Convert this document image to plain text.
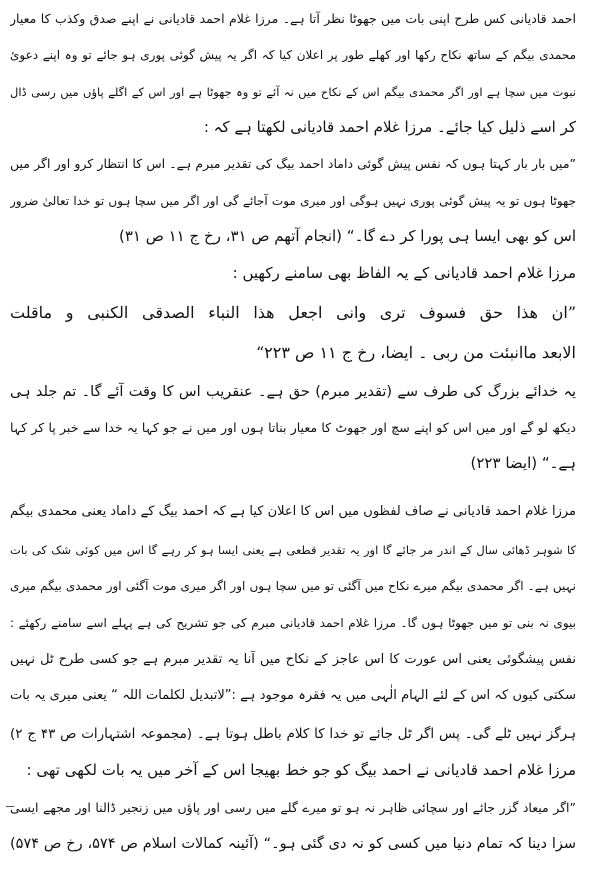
احمد قادیانی کس طرح اپنی بات میں جھوٹا نظر آتا ہے۔ مرزا غلام احمد قادیانی نے اپنے صدق وکذب کا معیار
محمدی بیگم کے ساتھ نکاح رکھا اور کھلے طور پر اعلان کیا کہ اگر یہ پیش گوئی پوری ہو جائے تو وہ اپنے دعوئ
نبوت میں سچا ہے اور اگر محمدی بیگم اس کے نکاح میں نہ آئے تو وہ جھوٹا ہے اور اس کے اگلے پاؤں میں رسی ڈال
کر اسے ذلیل کیا جائے۔ مرزا غلام احمد قادیانی لکھتا ہے کہ :
”میں بار بار کہتا ہوں کہ نفس پیش گوئی داماد احمد بیگ کی تقدیر مبرم ہے۔ اس کا انتظار کرو اور اگر میں
جھوٹا ہوں تو یہ پیش گوئی پوری نہیں ہوگی اور میری موت آجائے گی اور اگر میں سچا ہوں تو خدا تعالیٰ ضرور
اس کو بھی ایسا ہی پورا کر دے گا۔“ (انجام آتھم ص ۳۱، رخ ج ۱۱ ص ۳۱)
مرزا غلام احمد قادیانی کے یہ الفاظ بھی سامنے رکھیں :
”ان هذا حق فسوف ترى وانى اجعل هذا النباء الصدقى الكنبى و ماقلت
الابعد ماانبئت من ربى ۔ ایضا، رخ ج ۱۱ ص ۲۲۳“
یہ خدائے بزرگ کی طرف سے (تقدیر مبرم) حق ہے۔ عنقریب اس کا وقت آئے گا۔ تم جلد ہی
دیکھ لو گے اور میں اس کو اپنے سچ اور جھوٹ کا معیار بناتا ہوں اور میں نے جو کہا یہ خدا سے خبر پا کر کہا
ہے۔“ (ایضا ۲۲۳)
مرزا غلام احمد قادیانی نے صاف لفظوں میں اس کا اعلان کیا ہے کہ احمد بیگ کے داماد یعنی محمدی بیگم
کا شوہر ڈھائی سال کے اندر مر جائے گا اور یہ تقدیر قطعی ہے یعنی ایسا ہو کر رہے گا اس میں کوئی شک کی بات
نہیں ہے۔ اگر محمدی بیگم میرے نکاح میں آگئی تو میں سچا ہوں اور اگر میری موت آگئی اور محمدی بیگم میری
بیوی نہ بنی تو میں جھوٹا ہوں گا۔ مرزا غلام احمد قادیانی مبرم کی جو تشریح کی ہے پہلے اسے سامنے رکھئے :
نفس پیشگوئی یعنی اس عورت کا اس عاجز کے نکاح میں آنا یہ تقدیر مبرم ہے جو کسی طرح ٹل نہیں
سکتی کیوں کہ اس کے لئے الہام الٰہی میں یہ فقرہ موجود ہے :”لاتبدیل لکلمات اللہ “ یعنی میری یہ بات
ہرگز نہیں ٹلے گی۔ پس اگر ٹل جائے تو خدا کا کلام باطل ہوتا ہے۔ (مجموعہ اشتہارات ص ۴۳ ج ۲)
مرزا غلام احمد قادیانی نے احمد بیگ کو جو خط بھیجا اس کے آخر میں یہ بات لکھی تھی :
”اگر میعاد گزر جائے اور سچائی ظاہر نہ ہو تو میرے گلے میں رسی اور پاؤں میں زنجیر ڈالنا اور مجھے ایسی
سزا دینا کہ تمام دنیا میں کسی کو نہ دی گئی ہو۔“ (آئینہ کمالات اسلام ص ۵۷۴، رخ ص ۵۷۴)
